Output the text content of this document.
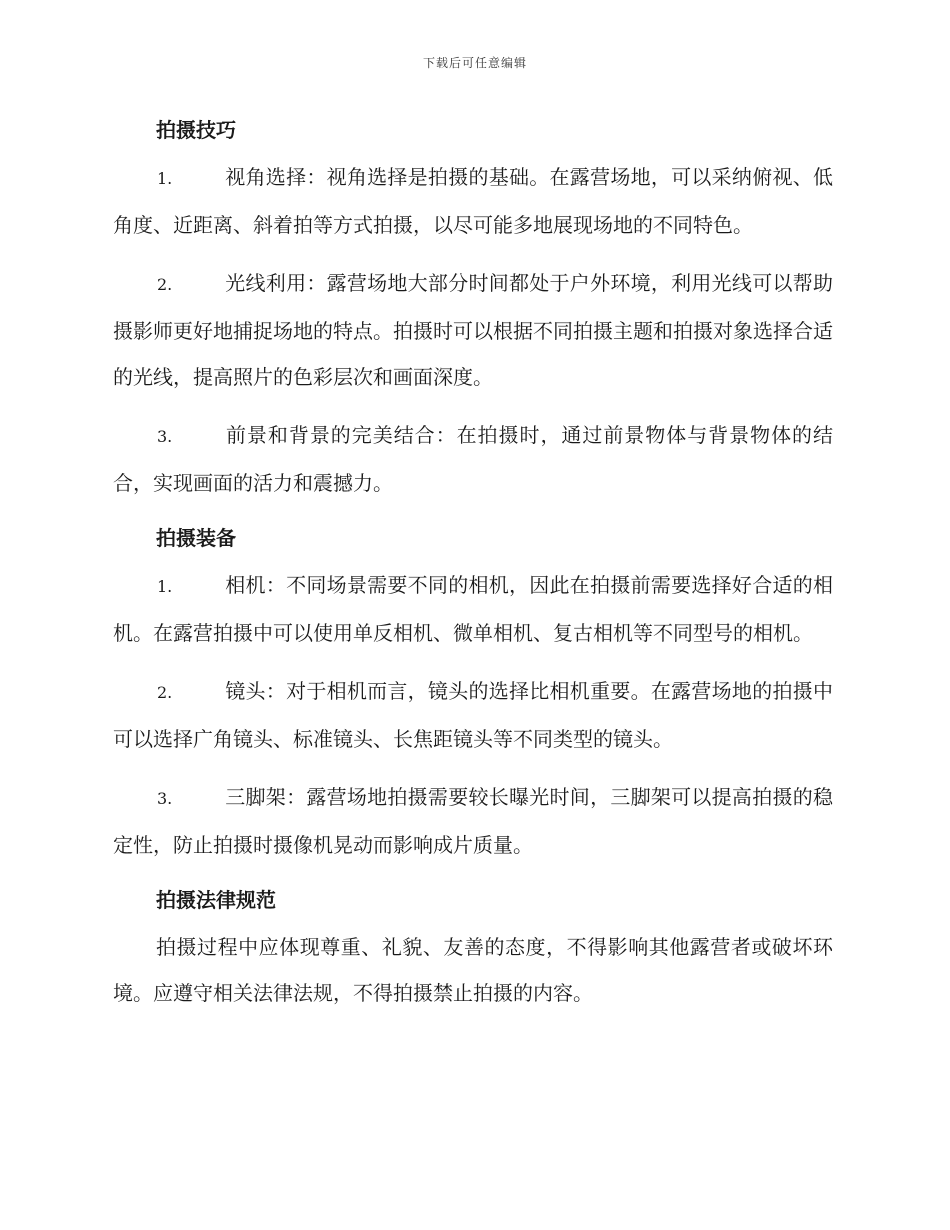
下载后可任意编辑
拍摄技巧

1.	视角选择：视角选择是拍摄的基础。在露营场地，可以采纳俯视、低角度、近距离、斜着拍等方式拍摄，以尽可能多地展现场地的不同特色。

2.	光线利用：露营场地大部分时间都处于户外环境，利用光线可以帮助摄影师更好地捕捉场地的特点。拍摄时可以根据不同拍摄主题和拍摄对象选择合适的光线，提高照片的色彩层次和画面深度。

3.	前景和背景的完美结合：在拍摄时，通过前景物体与背景物体的结合，实现画面的活力和震撼力。

拍摄装备

1.	相机：不同场景需要不同的相机，因此在拍摄前需要选择好合适的相机。在露营拍摄中可以使用单反相机、微单相机、复古相机等不同型号的相机。

2.	镜头：对于相机而言，镜头的选择比相机重要。在露营场地的拍摄中可以选择广角镜头、标准镜头、长焦距镜头等不同类型的镜头。

3.	三脚架：露营场地拍摄需要较长曝光时间，三脚架可以提高拍摄的稳定性，防止拍摄时摄像机晃动而影响成片质量。

拍摄法律规范

拍摄过程中应体现尊重、礼貌、友善的态度，不得影响其他露营者或破坏环境。应遵守相关法律法规，不得拍摄禁止拍摄的内容。
